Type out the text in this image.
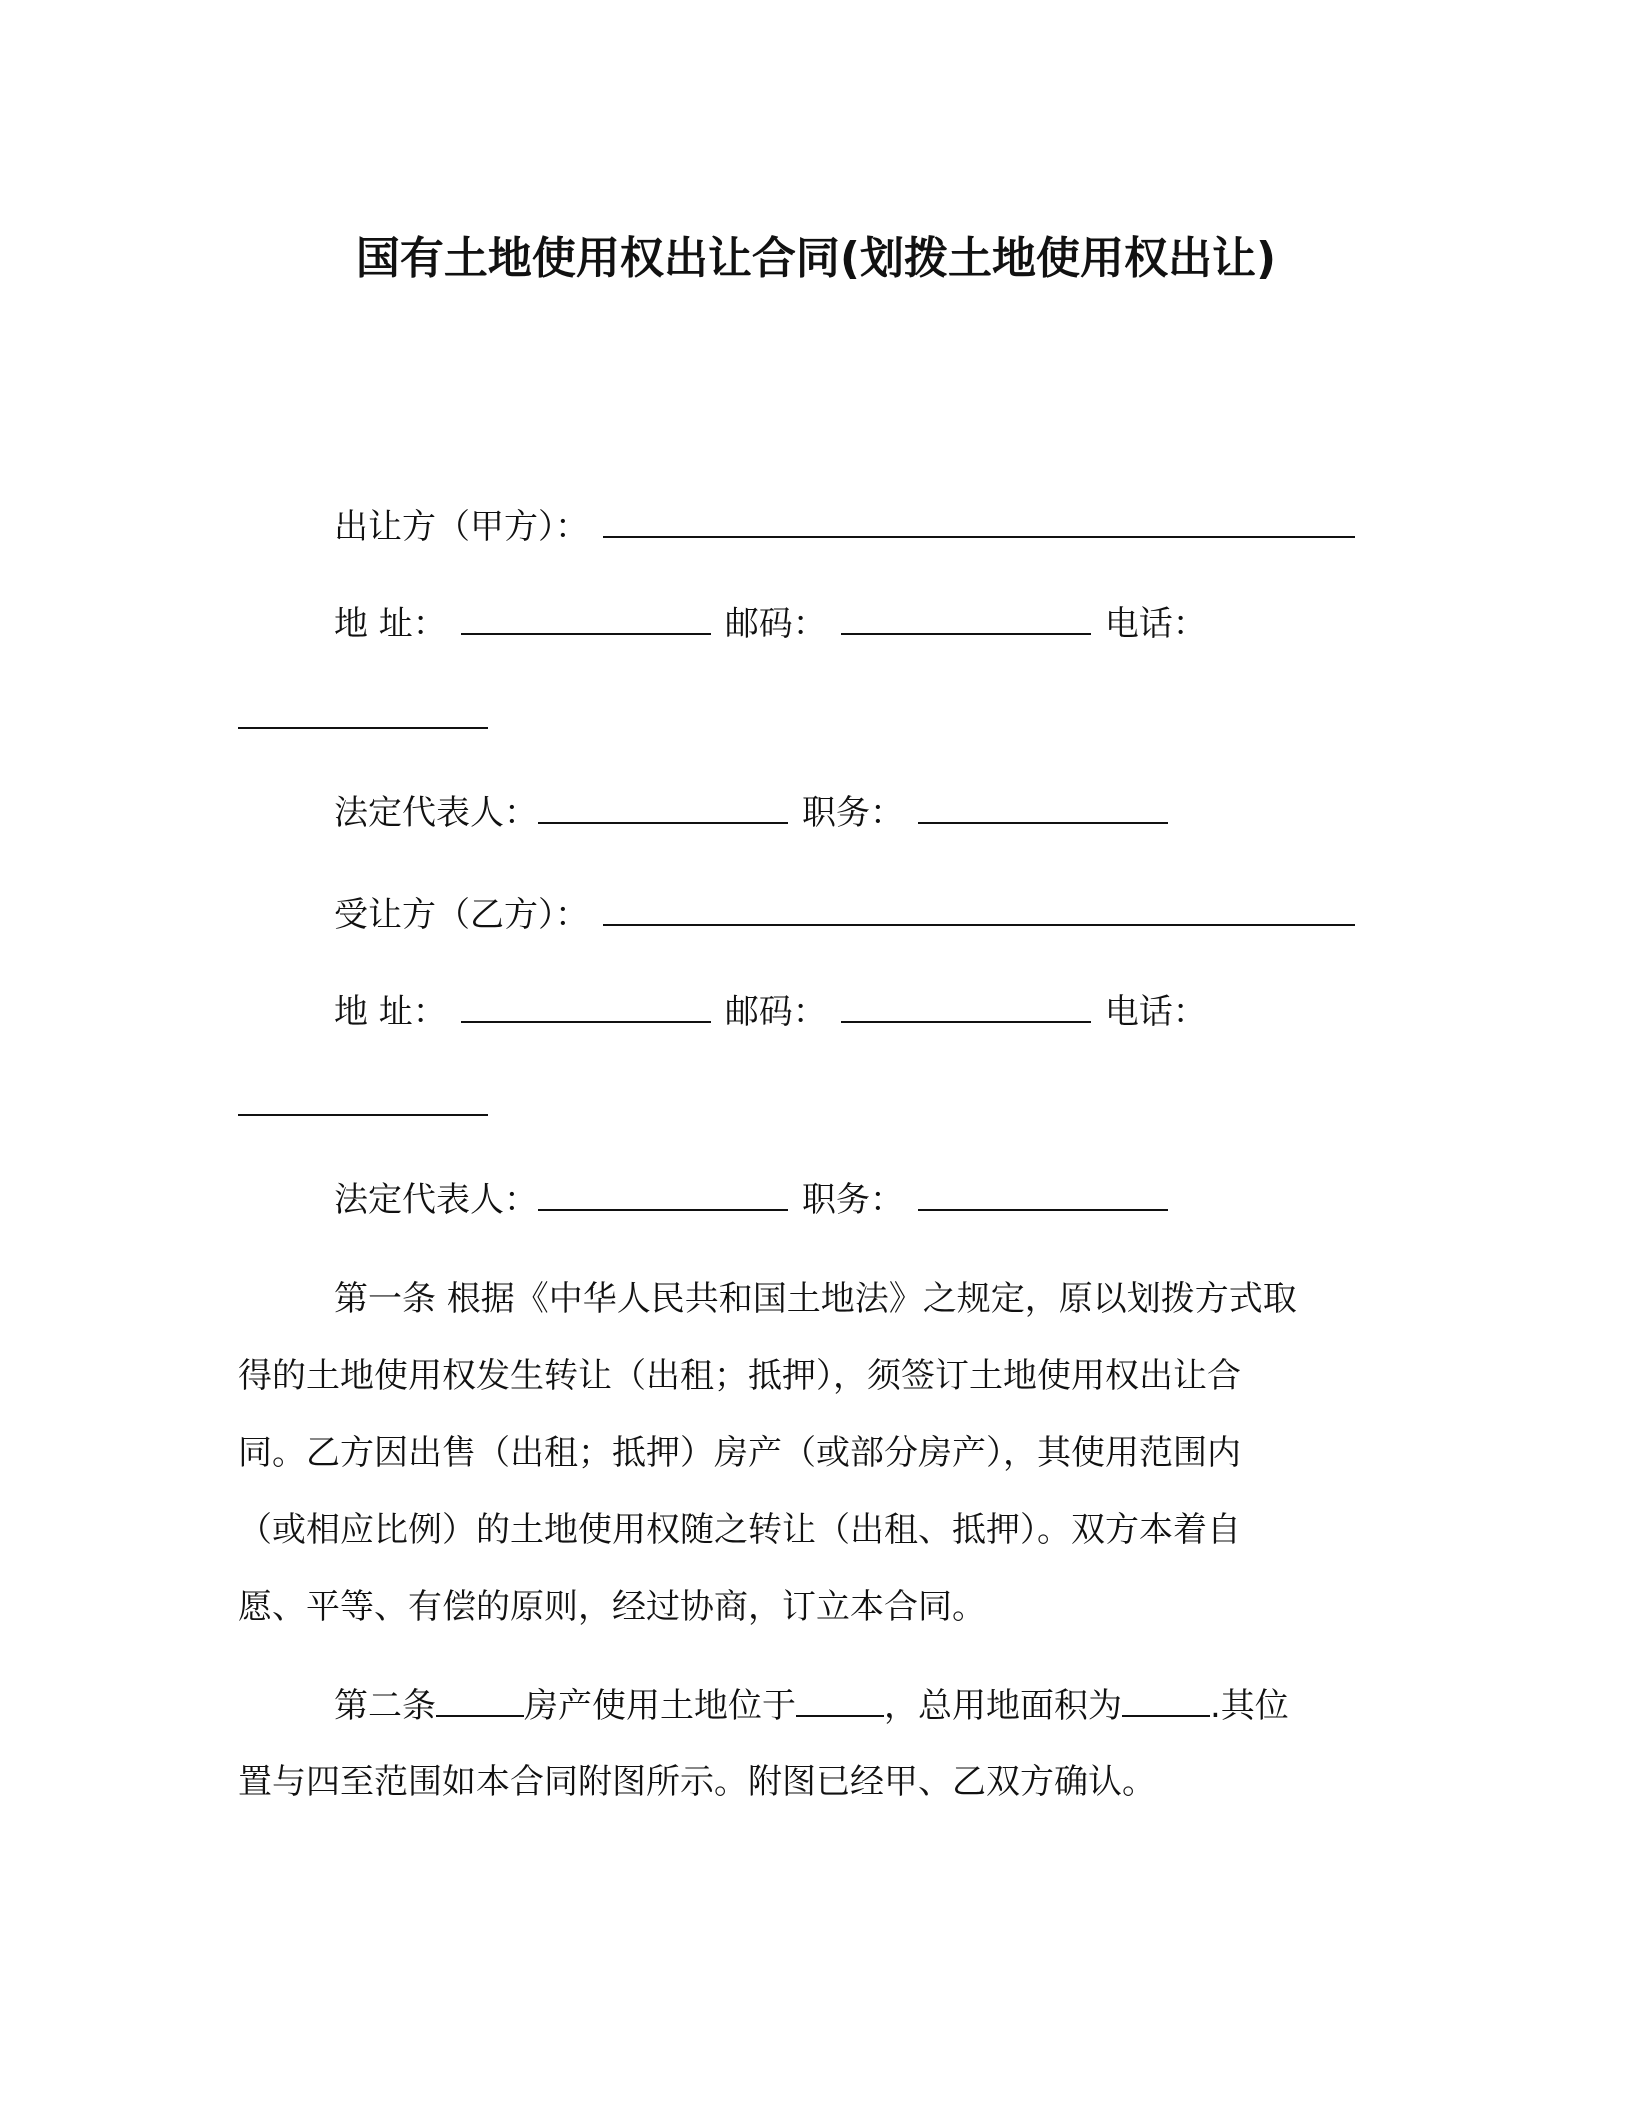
国有土地使用权出让合同(划拨土地使用权出让)
出让方（甲方）：
地 址：	邮码：	电话：
法定代表人：	职务：
受让方（乙方）：
地 址：	邮码：	电话：
法定代表人：	职务：
第一条 根据《中华人民共和国土地法》之规定，原以划拨方式取
得的土地使用权发生转让（出租；抵押），须签订土地使用权出让合
同。乙方因出售（出租；抵押）房产（或部分房产），其使用范围内
（或相应比例）的土地使用权随之转让（出租、抵押）。双方本着自
愿、平等、有偿的原则，经过协商，订立本合同。
第二条	房产使用土地位于	，总用地面积为	.其位
置与四至范围如本合同附图所示。附图已经甲、乙双方确认。
